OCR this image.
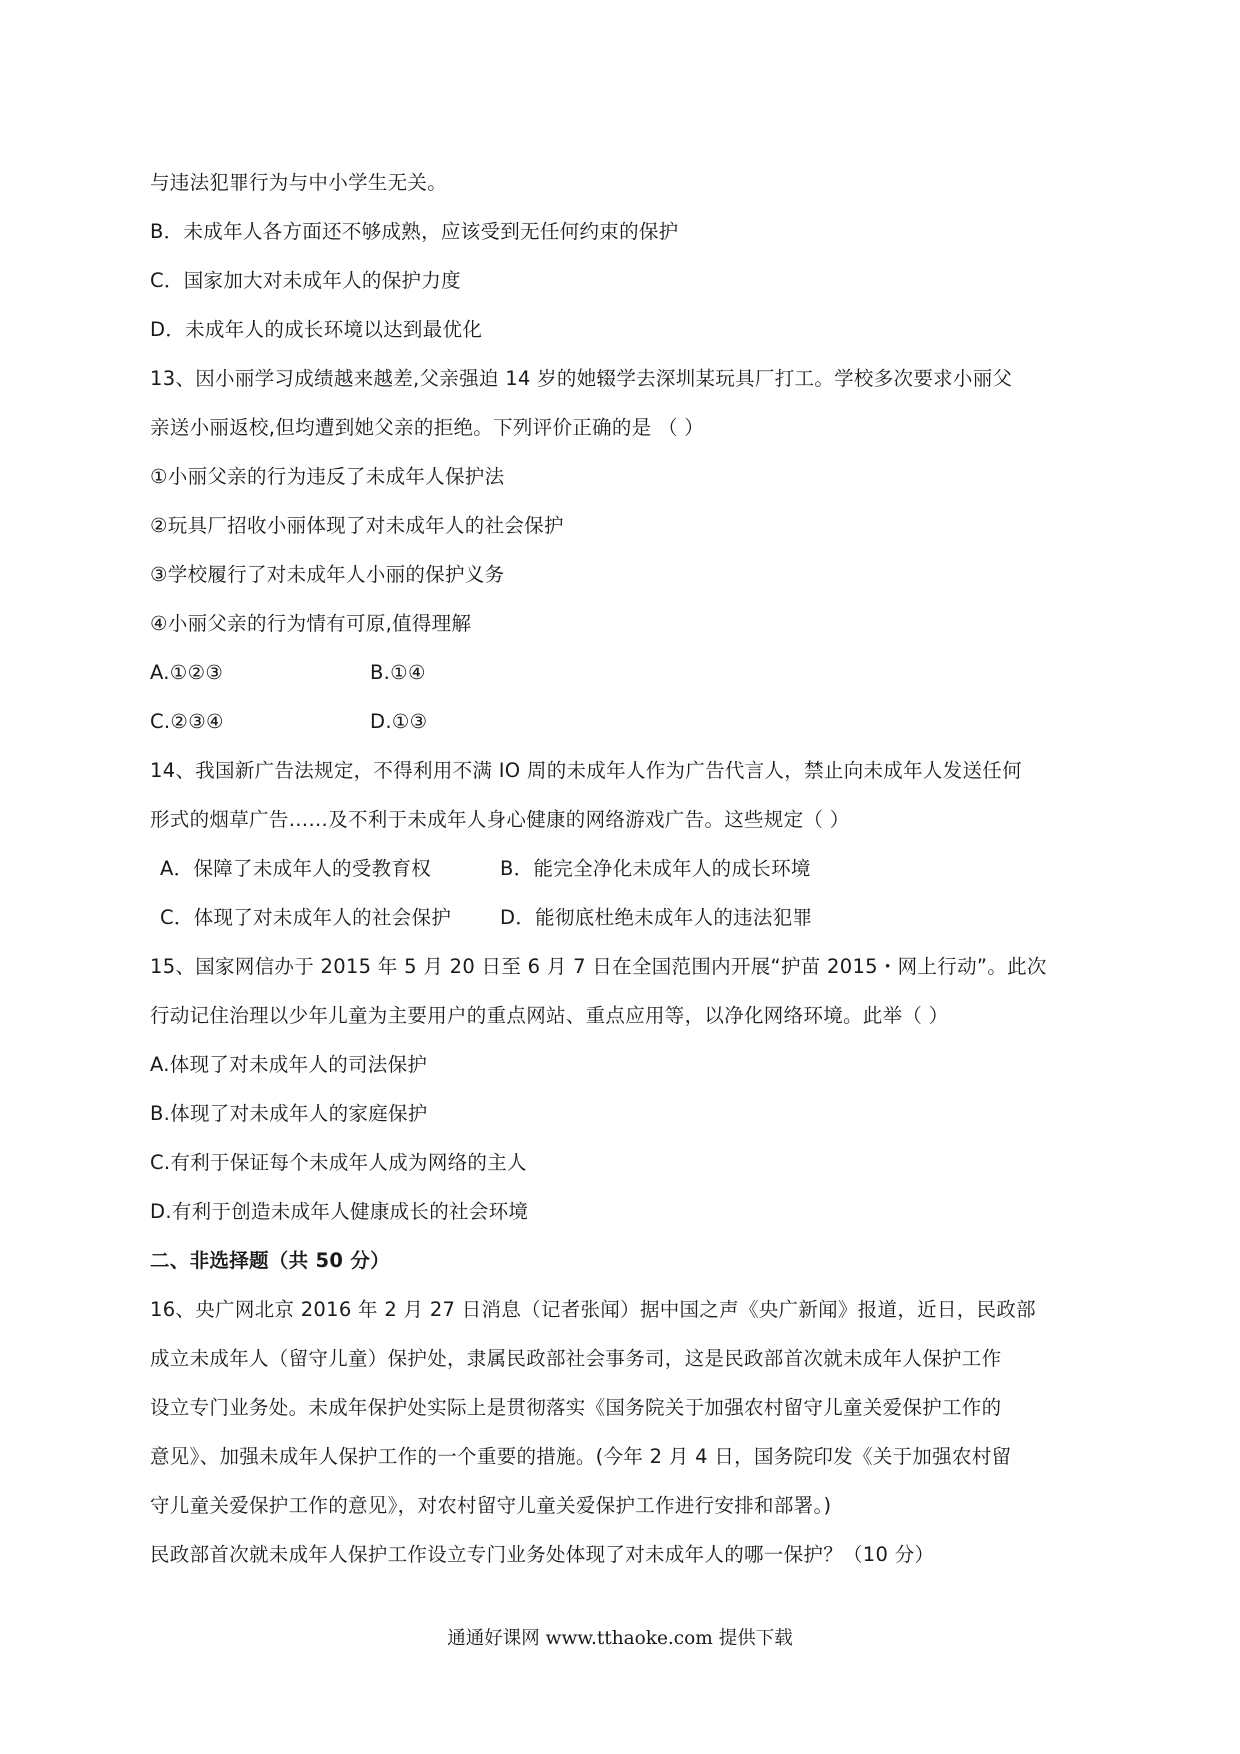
与违法犯罪行为与中小学生无关。
B．未成年人各方面还不够成熟，应该受到无任何约束的保护
C．国家加大对未成年人的保护力度
D．未成年人的成长环境以达到最优化
13、因小丽学习成绩越来越差,父亲强迫 14 岁的她辍学去深圳某玩具厂打工。学校多次要求小丽父
亲送小丽返校,但均遭到她父亲的拒绝。下列评价正确的是 （ ）
①小丽父亲的行为违反了未成年人保护法
②玩具厂招收小丽体现了对未成年人的社会保护
③学校履行了对未成年人小丽的保护义务
④小丽父亲的行为情有可原,值得理解
A.①②③	B.①④
C.②③④	D.①③
14、我国新广告法规定，不得利用不满 IO 周的未成年人作为广告代言人，禁止向未成年人发送任何
形式的烟草广告……及不利于未成年人身心健康的网络游戏广告。这些规定（ ）
A．保障了未成年人的受教育权	B．能完全净化未成年人的成长环境
C．体现了对未成年人的社会保护	D．能彻底杜绝未成年人的违法犯罪
15、国家网信办于 2015 年 5 月 20 日至 6 月 7 日在全国范围内开展“护苗 2015・网上行动”。此次
行动记住治理以少年儿童为主要用户的重点网站、重点应用等，以净化网络环境。此举（ ）
A.体现了对未成年人的司法保护
B.体现了对未成年人的家庭保护
C.有利于保证每个未成年人成为网络的主人
D.有利于创造未成年人健康成长的社会环境
二、非选择题（共 50 分）
16、央广网北京 2016 年 2 月 27 日消息（记者张闻）据中国之声《央广新闻》报道，近日，民政部
成立未成年人（留守儿童）保护处，隶属民政部社会事务司，这是民政部首次就未成年人保护工作
设立专门业务处。未成年保护处实际上是贯彻落实《国务院关于加强农村留守儿童关爱保护工作的
意见》、加强未成年人保护工作的一个重要的措施。(今年 2 月 4 日，国务院印发《关于加强农村留
守儿童关爱保护工作的意见》，对农村留守儿童关爱保护工作进行安排和部署。)
民政部首次就未成年人保护工作设立专门业务处体现了对未成年人的哪一保护？（10 分）
通通好课网 www.tthaoke.com 提供下载
